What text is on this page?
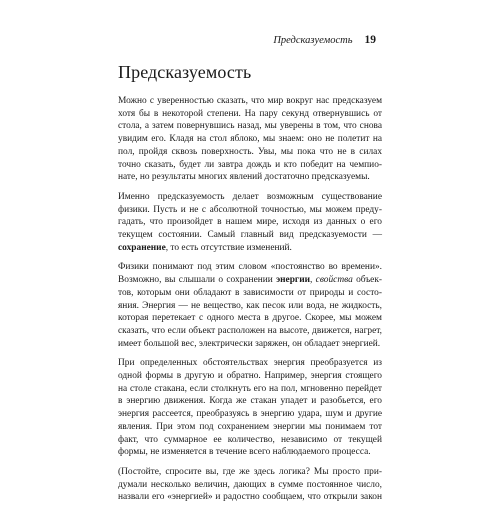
Предсказуемость 19
Предсказуемость

Можно с уверенностью сказать, что мир вокруг нас предсказуем
хотя бы в некоторой степени. На пару секунд отвернувшись от
стола, а затем повернувшись назад, мы уверены в том, что снова
увидим его. Кладя на стол яблоко, мы знаем: оно не полетит на
пол, пройдя сквозь поверхность. Увы, мы пока что не в силах
точно сказать, будет ли завтра дождь и кто победит на чемпио-
нате, но результаты многих явлений достаточно предсказуемы.

Именно предсказуемость делает возможным существование
физики. Пусть и не с абсолютной точностью, мы можем преду-
гадать, что произойдет в нашем мире, исходя из данных о его
текущем состоянии. Самый главный вид предсказуемости —
сохранение, то есть отсутствие изменений.

Физики понимают под этим словом «постоянство во времени».
Возможно, вы слышали о сохранении энергии, свойства объек-
тов, которым они обладают в зависимости от природы и состо-
яния. Энергия — не вещество, как песок или вода, не жидкость,
которая перетекает с одного места в другое. Скорее, мы можем
сказать, что если объект расположен на высоте, движется, нагрет,
имеет большой вес, электрически заряжен, он обладает энергией.

При определенных обстоятельствах энергия преобразуется из
одной формы в другую и обратно. Например, энергия стоящего
на столе стакана, если столкнуть его на пол, мгновенно перейдет
в энергию движения. Когда же стакан упадет и разобьется, его
энергия рассеется, преобразуясь в энергию удара, шум и другие
явления. При этом под сохранением энергии мы понимаем тот
факт, что суммарное ее количество, независимо от текущей
формы, не изменяется в течение всего наблюдаемого процесса.

(Постойте, спросите вы, где же здесь логика? Мы просто при-
думали несколько величин, дающих в сумме постоянное число,
назвали его «энергией» и радостно сообщаем, что открыли закон
